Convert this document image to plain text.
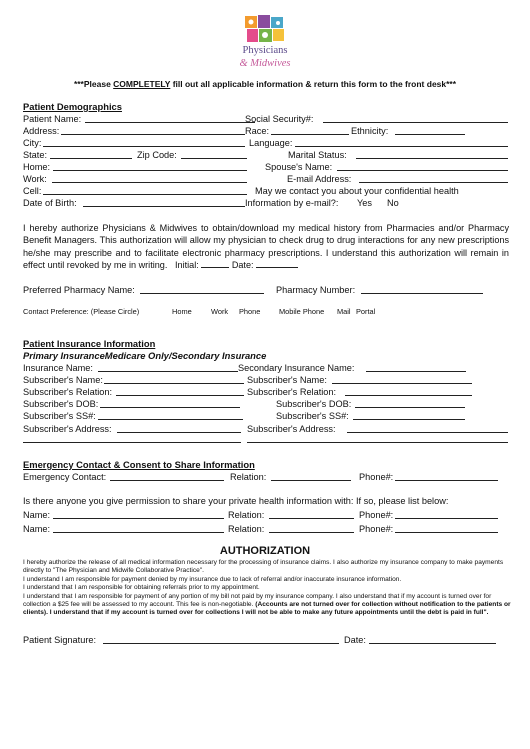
Physicians
& Midwives
***Please COMPLETELY fill out all applicable information & return this form to the front desk***
Patient Demographics
Patient Name:	Social Security#:
Address:	Race:	Ethnicity:
City:	Language:
State:	Zip Code:	Marital Status:
Home:	Spouse's Name:
Work:	E-mail Address:
Cell:	May we contact you about your confidential health
Date of Birth:	Information by e-mail?: Yes No
I hereby authorize Physicians & Midwives to obtain/download my medical history from Pharmacies and/or Pharmacy Benefit Managers. This authorization will allow my physician to check drug to drug interactions for any new prescriptions he/she may prescribe and to facilitate electronic pharmacy prescriptions. I understand this authorization will remain in effect until revoked by me in writing. Initial:	Date:
Preferred Pharmacy Name:	Pharmacy Number:
Contact Preference: (Please Circle)	Home	Work Phone	Mobile Phone Mail Portal
Patient Insurance Information
Primary InsuranceMedicare Only/Secondary Insurance
Insurance Name:	Secondary Insurance Name:
Subscriber's Name:	Subscriber's Name:
Subscriber's Relation:	Subscriber's Relation:
Subscriber's DOB:	Subscriber's DOB:
Subscriber's SS#:	Subscriber's SS#:
Subscriber's Address:	Subscriber's Address:
Emergency Contact & Consent to Share Information
Emergency Contact:	Relation:	Phone#:
Is there anyone you give permission to share your private health information with: If so, please list below:
Name:	Relation:	Phone#:
Name:	Relation:	Phone#:
AUTHORIZATION
I hereby authorize the release of all medical information necessary for the processing of insurance claims. I also authorize my insurance company to make payments directly to "The Physician and Midwife Collaborative Practice".
I understand I am responsible for payment denied by my insurance due to lack of referral and/or inaccurate insurance information.
I understand that I am responsible for obtaining referrals prior to my appointment.
I understand that I am responsible for payment of any portion of my bill not paid by my insurance company. I also understand that if my account is turned over for collection a $25 fee will be assessed to my account. This fee is non-negotiable. (Accounts are not turned over for collection without notification to the patients or clients). I understand that if my account is turned over for collections I will not be able to make any future appointments until the debt is paid in full".
Patient Signature:	Date:
